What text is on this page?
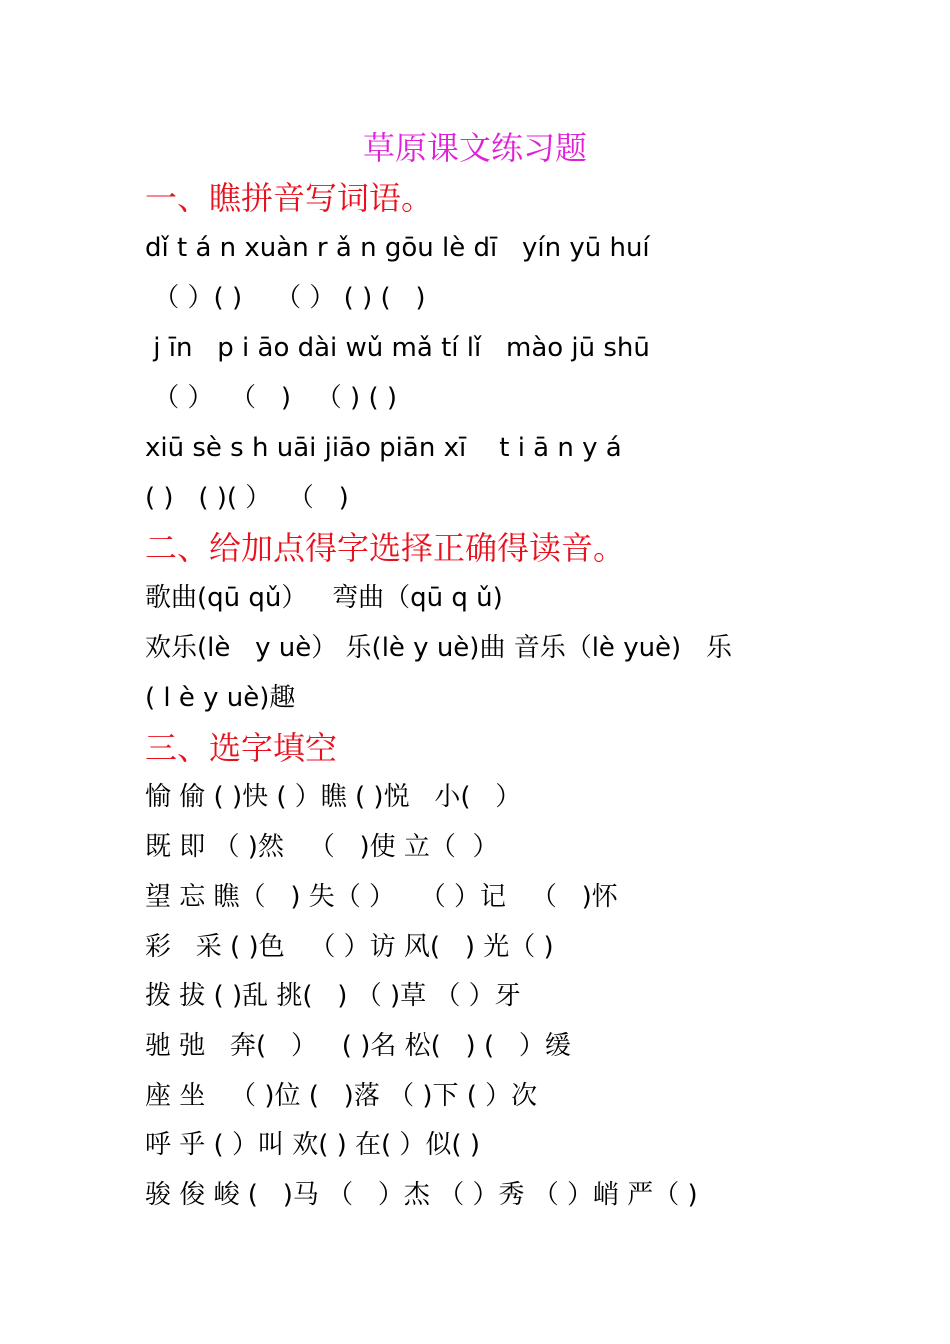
草原课文练习题
一、瞧拼音写词语。
dǐ t á n xuàn r ǎ n gōu lè dī   yín yū huí
（ ）( )    （ ） ( ) (   )
j īn   p i āo dài wǔ mǎ tí lǐ   mào jū shū
（ ）  （   )   （ ) ( )
xiū sè s h uāi jiāo piān xī    t i ā n y á
( )   ( )( ）  （   )
二、给加点得字选择正确得读音。
歌曲(qū qǔ）   弯曲（qū q ǔ)
欢乐(lè   y uè） 乐(lè y uè)曲 音乐（lè yuè)   乐
( l è y uè)趣
三、选字填空
愉 偷 ( )快 ( ）瞧 ( )悦   小(   ）
既 即 （ )然   （   )使 立（  ）
望 忘 瞧（   ) 失（ ）   （ ）记   （   )怀
彩   采 ( )色   （ ）访 风(   ) 光（ )
拨 拔 ( )乱 挑(   ) （ )草 （ ）牙
驰 弛   奔(   ）   ( )名 松(   ) (   ）缓
座 坐   （ )位 (   )落 （ )下 ( ）次
呼 乎 ( ）叫 欢( ) 在( ）似( )
骏 俊 峻 (   )马 （   ）杰 （ ）秀 （ ）峭 严（ )
